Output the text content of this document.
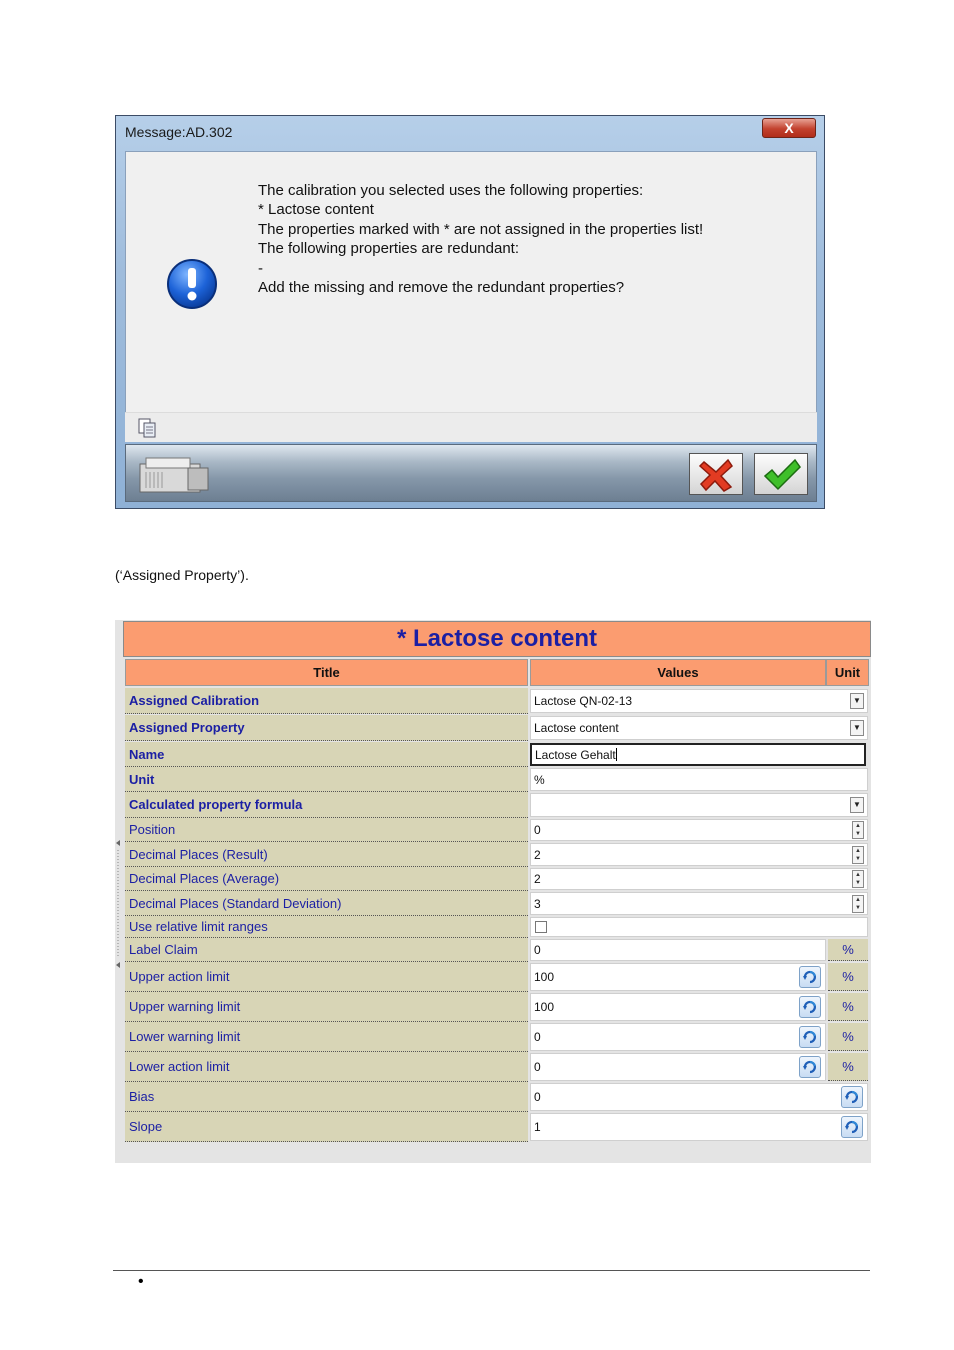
Message:AD.302	X

The calibration you selected uses the following properties:

* Lactose content

The properties marked with * are not assigned in the properties list!

The following properties are redundant:

-

Add the missing and remove the redundant properties?

(‘Assigned Property’).
* Lactose content
Title	Values	Unit
Assigned Calibration	Lactose QN-02-13	▼
Assigned Property	Lactose content	▼
Name	Lactose Gehalt
Unit	%
Calculated property formula	▼
Position	0	▲
▼
Decimal Places (Result)	2	▲
▼
Decimal Places (Average)	2	▲
▼
Decimal Places (Standard Deviation)	3	▲
▼
Use relative limit ranges
Label Claim	0	%
Upper action limit	100	%
Upper warning limit	100	%
Lower warning limit	0	%
Lower action limit	0	%
Bias	0
Slope	1
•
